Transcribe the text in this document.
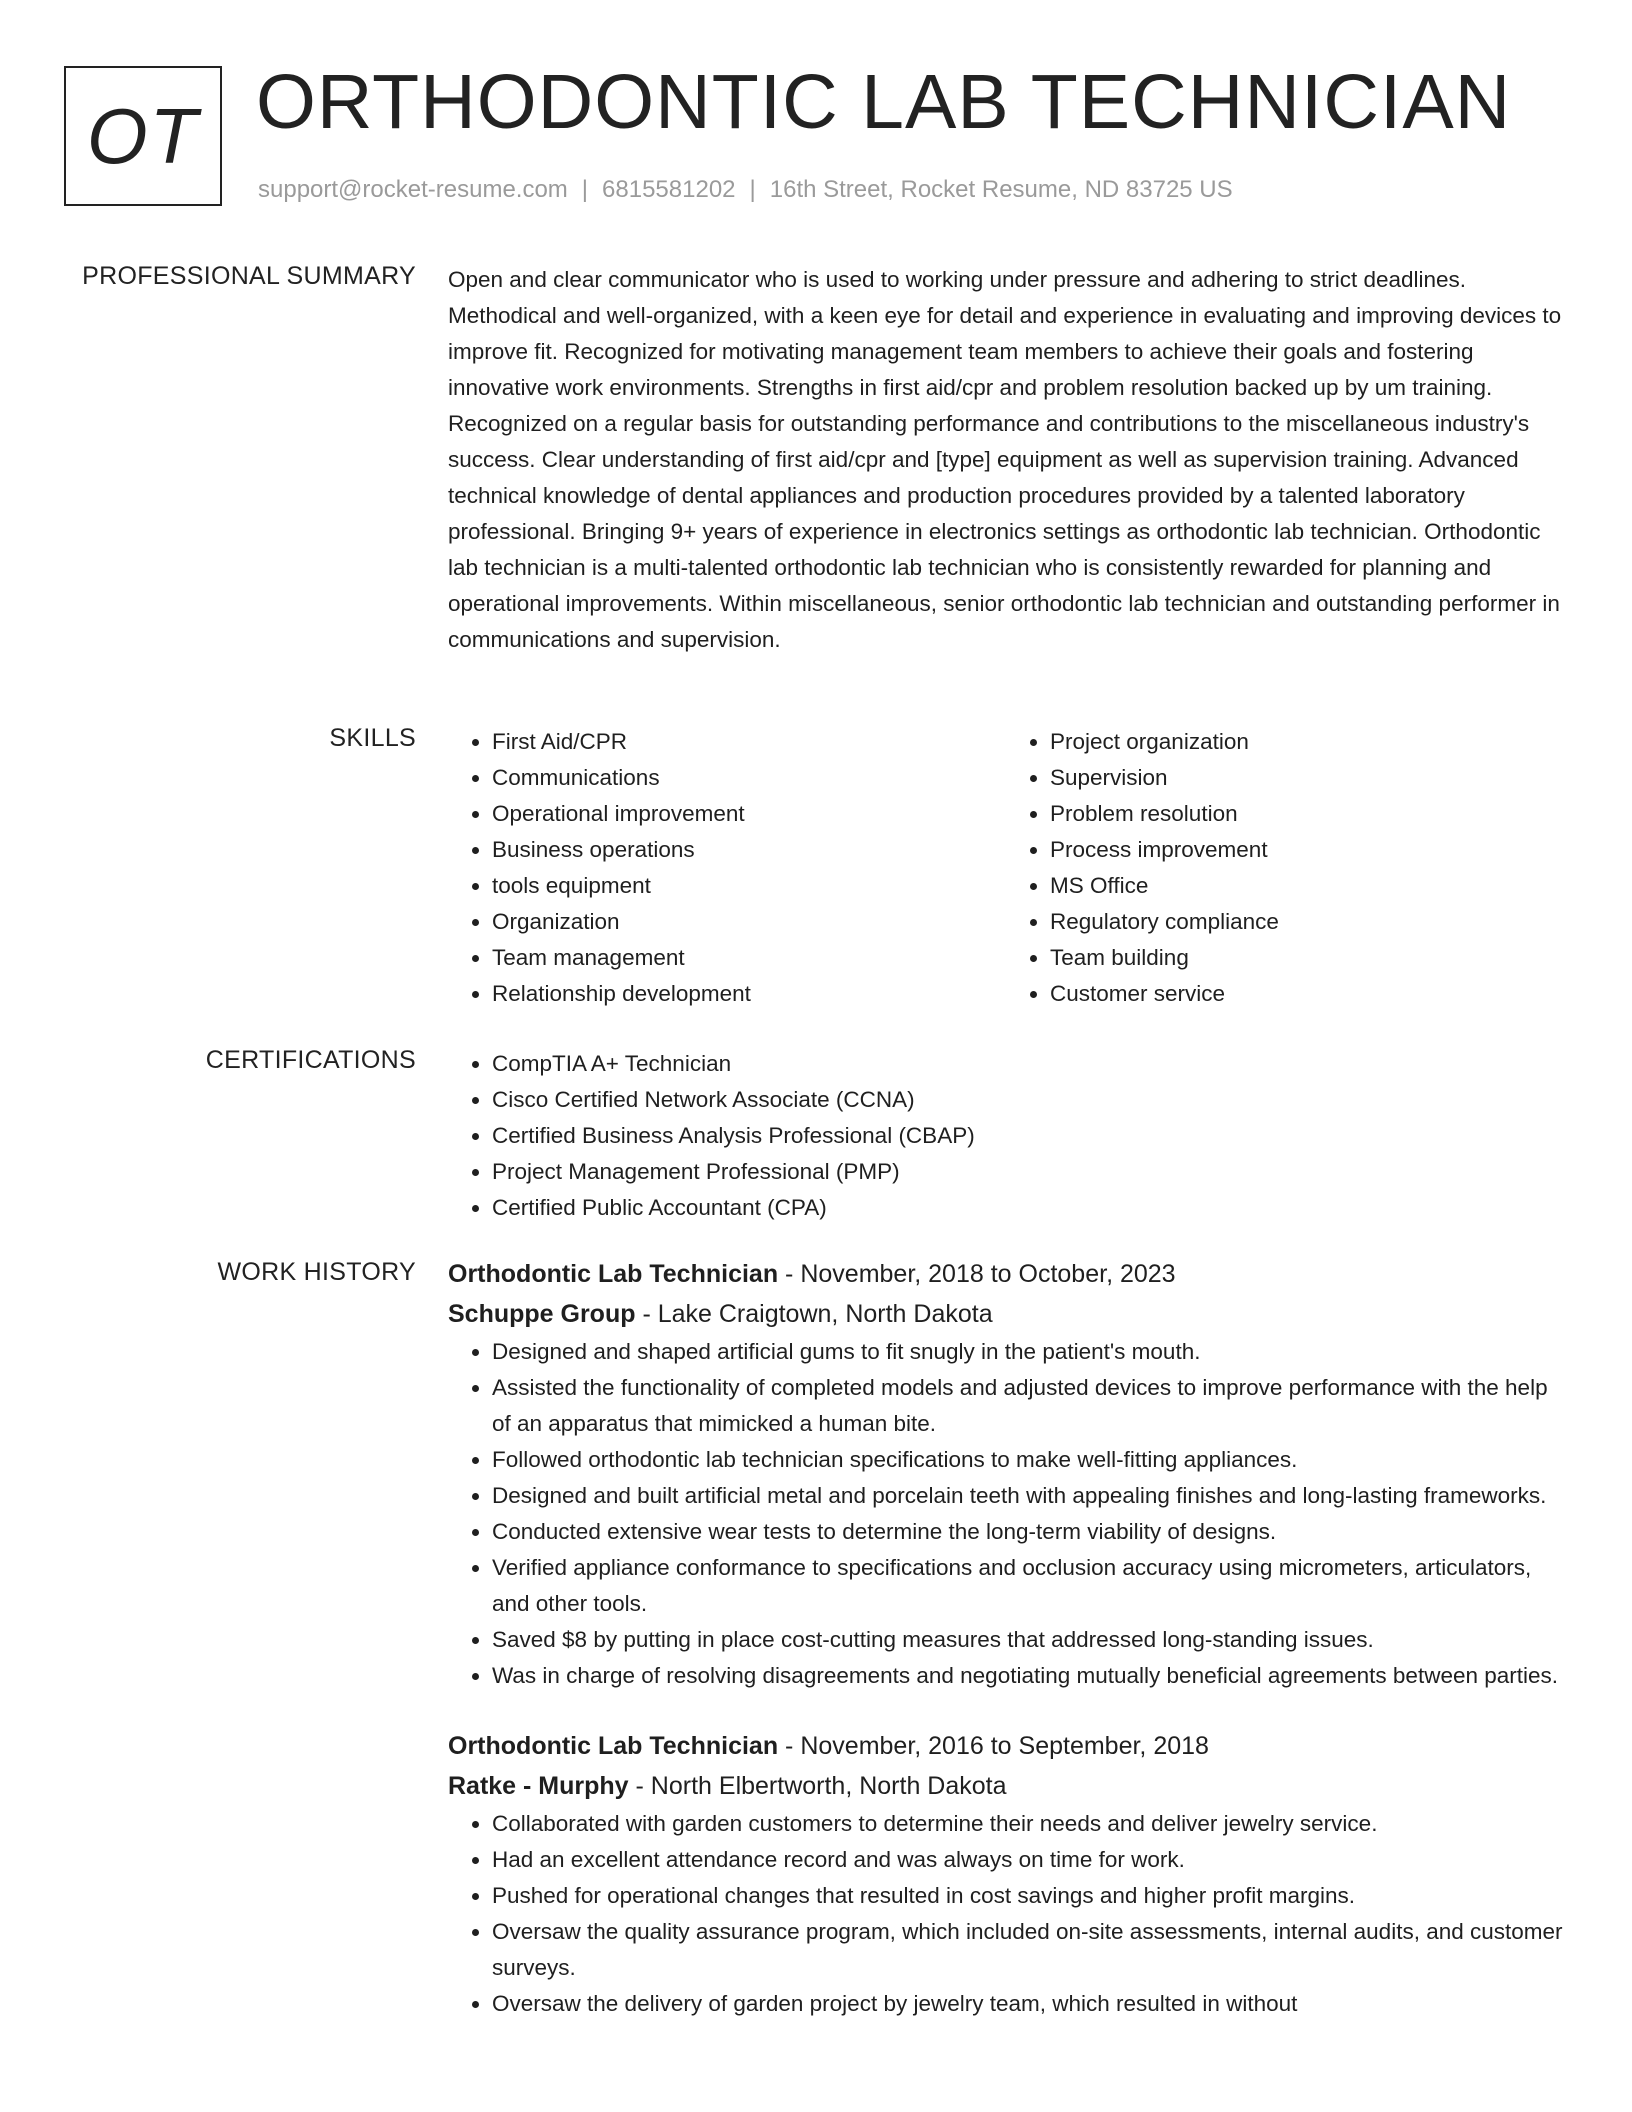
OT ORTHODONTIC LAB TECHNICIAN
support@rocket-resume.com | 6815581202 | 16th Street, Rocket Resume, ND 83725 US
PROFESSIONAL SUMMARY Open and clear communicator who is used to working under pressure and adhering to strict deadlines. Methodical and well-organized, with a keen eye for detail and experience in evaluating and improving devices to improve fit. Recognized for motivating management team members to achieve their goals and fostering innovative work environments. Strengths in first aid/cpr and problem resolution backed up by um training. Recognized on a regular basis for outstanding performance and contributions to the miscellaneous industry's success. Clear understanding of first aid/cpr and [type] equipment as well as supervision training. Advanced technical knowledge of dental appliances and production procedures provided by a talented laboratory professional. Bringing 9+ years of experience in electronics settings as orthodontic lab technician. Orthodontic lab technician is a multi-talented orthodontic lab technician who is consistently rewarded for planning and operational improvements. Within miscellaneous, senior orthodontic lab technician and outstanding performer in communications and supervision.
SKILLS	• First Aid/CPR
• Communications
• Operational improvement
• Business operations
• tools equipment
• Organization
• Team management
• Relationship development
• Project organization
• Supervision
• Problem resolution
• Process improvement
• MS Office
• Regulatory compliance
• Team building
• Customer service
CERTIFICATIONS	• CompTIA A+ Technician
• Cisco Certified Network Associate (CCNA)
• Certified Business Analysis Professional (CBAP)
• Project Management Professional (PMP)
• Certified Public Accountant (CPA)
WORK HISTORY Orthodontic Lab Technician - November, 2018 to October, 2023
Schuppe Group - Lake Craigtown, North Dakota
• Designed and shaped artificial gums to fit snugly in the patient's mouth.
• Assisted the functionality of completed models and adjusted devices to improve performance with the help of an apparatus that mimicked a human bite.
• Followed orthodontic lab technician specifications to make well-fitting appliances.
• Designed and built artificial metal and porcelain teeth with appealing finishes and long-lasting frameworks.
• Conducted extensive wear tests to determine the long-term viability of designs.
• Verified appliance conformance to specifications and occlusion accuracy using micrometers, articulators, and other tools.
• Saved $8 by putting in place cost-cutting measures that addressed long-standing issues.
• Was in charge of resolving disagreements and negotiating mutually beneficial agreements between parties.
Orthodontic Lab Technician - November, 2016 to September, 2018
Ratke - Murphy - North Elbertworth, North Dakota
• Collaborated with garden customers to determine their needs and deliver jewelry service.
• Had an excellent attendance record and was always on time for work.
• Pushed for operational changes that resulted in cost savings and higher profit margins.
• Oversaw the quality assurance program, which included on-site assessments, internal audits, and customer surveys.
• Oversaw the delivery of garden project by jewelry team, which resulted in without
